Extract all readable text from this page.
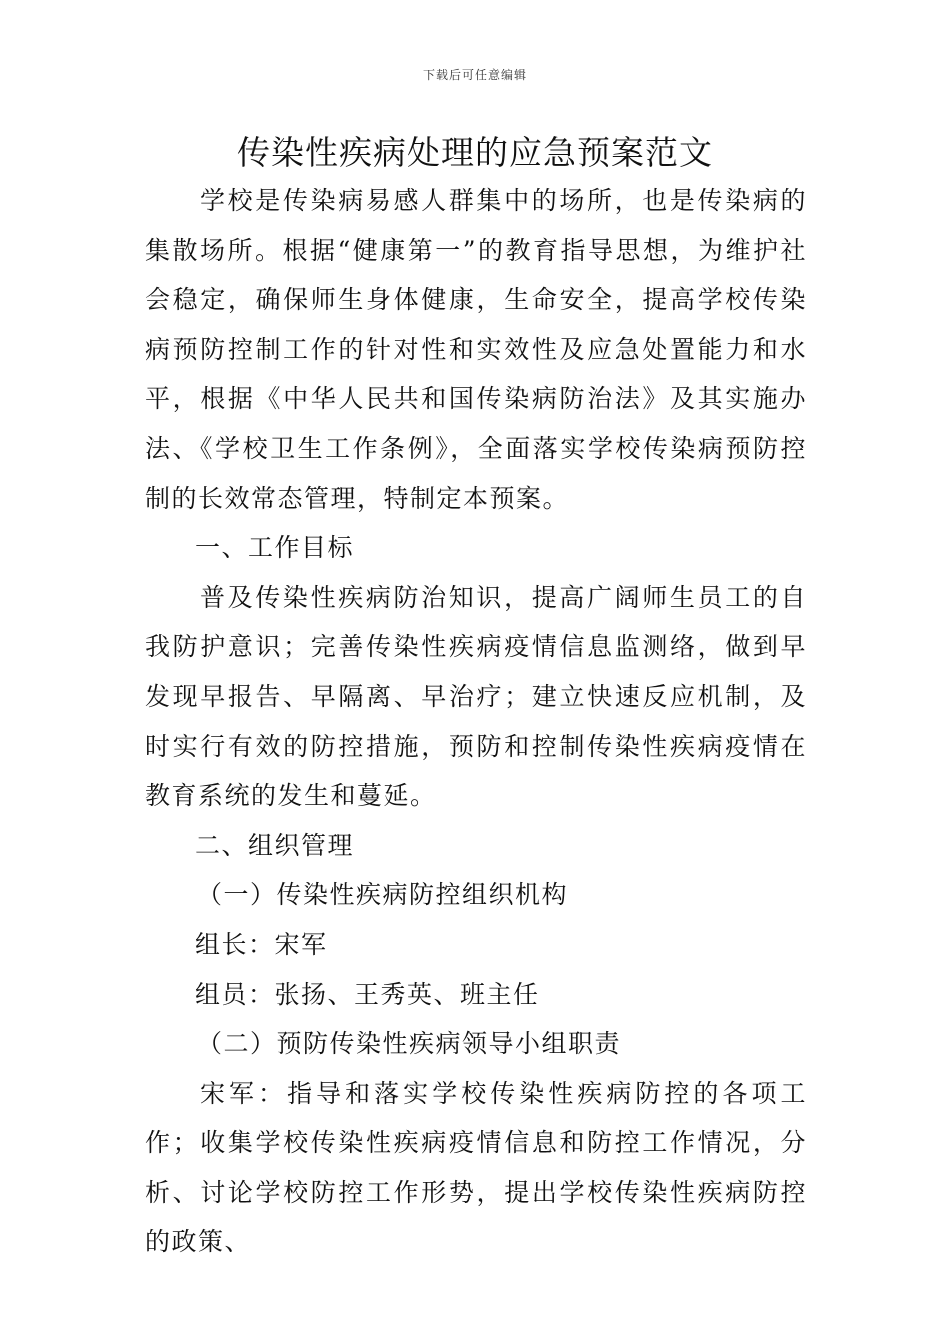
下载后可任意编辑
传染性疾病处理的应急预案范文

学校是传染病易感人群集中的场所，也是传染病的集散场所。根据“健康第一”的教育指导思想，为维护社会稳定，确保师生身体健康，生命安全，提高学校传染病预防控制工作的针对性和实效性及应急处置能力和水平，根据《中华人民共和国传染病防治法》及其实施办法、《学校卫生工作条例》，全面落实学校传染病预防控制的长效常态管理，特制定本预案。

一、工作目标

普及传染性疾病防治知识，提高广阔师生员工的自我防护意识；完善传染性疾病疫情信息监测络，做到早发现早报告、早隔离、早治疗；建立快速反应机制，及时实行有效的防控措施，预防和控制传染性疾病疫情在教育系统的发生和蔓延。

二、组织管理

（一）传染性疾病防控组织机构

组长：宋军

组员：张扬、王秀英、班主任

（二）预防传染性疾病领导小组职责

宋军：指导和落实学校传染性疾病防控的各项工作；收集学校传染性疾病疫情信息和防控工作情况，分析、讨论学校防控工作形势，提出学校传染性疾病防控的政策、
